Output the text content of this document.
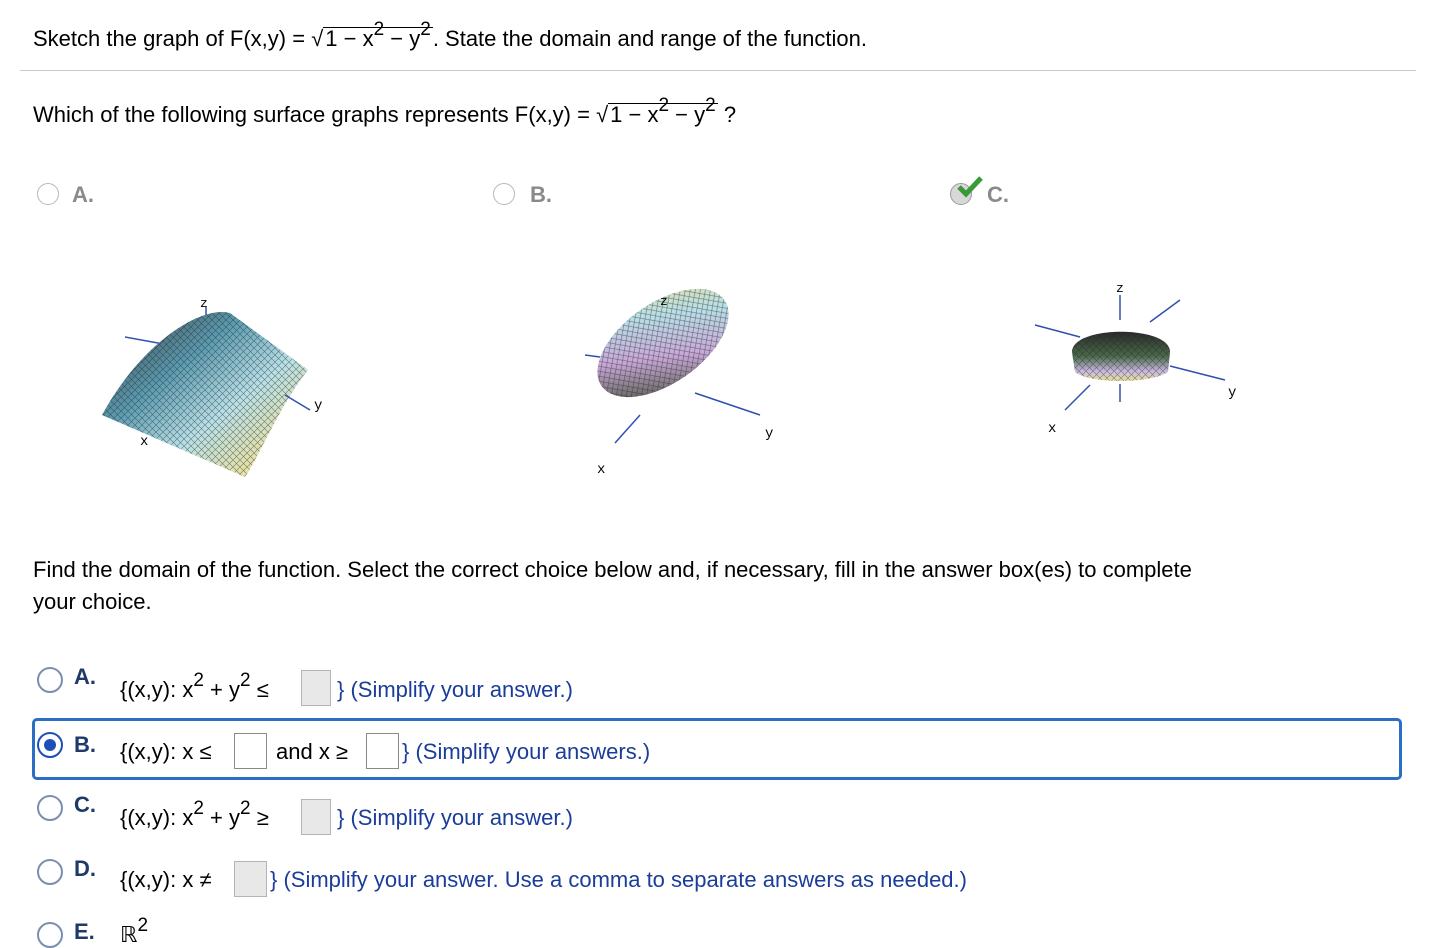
Sketch the graph of F(x,y) = √1 − x2 − y2. State the domain and range of the function.
Which of the following surface graphs represents F(x,y) = √1 − x2 − y2 ?
A.	B.	C.
z
y
x
z
y
x
z
y
x
Find the domain of the function. Select the correct choice below and, if necessary, fill in the answer box(es) to complete
your choice.
A.
{(x,y): x2 + y2 ≤	} (Simplify your answer.)
B. {(x,y): x ≤	and x ≥ } (Simplify your answers.)
C.
{(x,y): x2 + y2 ≥	} (Simplify your answer.)
D. {(x,y): x ≠	} (Simplify your answer. Use a comma to separate answers as needed.)
E. ℝ2
